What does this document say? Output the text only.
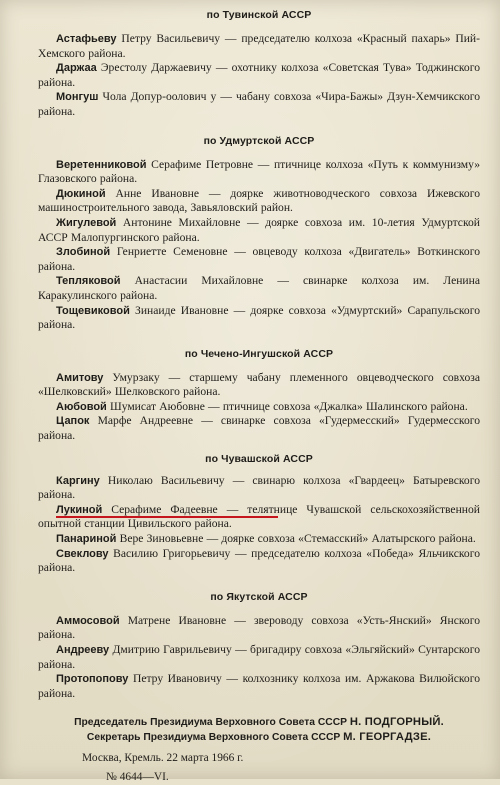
по Тувинской АССР

Астафьеву Петру Васильевичу — председателю колхоза «Красный пахарь» Пий-Хемского района.

Даржаа Эрестолу Даржаевичу — охотнику колхоза «Советская Тува» Тоджинского района.

Монгуш Чола Допур-оолович у — чабану совхоза «Чира-Бажы» Дзун-Хемчикского района.

по Удмуртской АССР

Веретенниковой Серафиме Петровне — птичнице колхоза «Путь к коммунизму» Глазовского района.

Дюкиной Анне Ивановне — доярке животноводческого совхоза Ижевского машиностроительного завода, Завьяловский район.

Жигулевой Антонине Михайловне — доярке совхоза им. 10-летия Удмуртской АССР Малопургинского района.

Злобиной Генриетте Семеновне — овцеводу колхоза «Двигатель» Воткинского района.

Тепляковой Анастасии Михайловне — свинарке колхоза им. Ленина Каракулинского района.

Тощевиковой Зинаиде Ивановне — доярке совхоза «Удмуртский» Сарапульского района.

по Чечено-Ингушской АССР

Амитову Умурзаку — старшему чабану племенного овцеводческого совхоза «Шелковский» Шелковского района.

Аюбовой Шумисат Аюбовне — птичнице совхоза «Джалка» Шалинского района.

Цапок Марфе Андреевне — свинарке совхоза «Гудермесский» Гудермесского района.

по Чувашской АССР

Каргину Николаю Васильевичу — свинарю колхоза «Гвардеец» Батыревского района.

Лукиной Серафиме Фадеевне — телятнице Чувашской сельскохозяйственной опытной станции Цивильского района.

Панариной Вере Зиновьевне — доярке совхоза «Стемасский» Алатырского района.

Свеклову Василию Григорьевичу — председателю колхоза «Победа» Яльчикского района.

по Якутской АССР

Аммосовой Матрене Ивановне — звероводу совхоза «Усть-Янский» Янского района.

Андрееву Дмитрию Гаврильевичу — бригадиру совхоза «Эльгяйский» Сунтарского района.

Протопопову Петру Ивановичу — колхознику колхоза им. Аржакова Вилюйского района.

Председатель Президиума Верховного Совета СССР Н. ПОДГОРНЫЙ.

Секретарь Президиума Верховного Совета СССР М. ГЕОРГАДЗЕ.

Москва, Кремль. 22 марта 1966 г.

№ 4644—VI.
